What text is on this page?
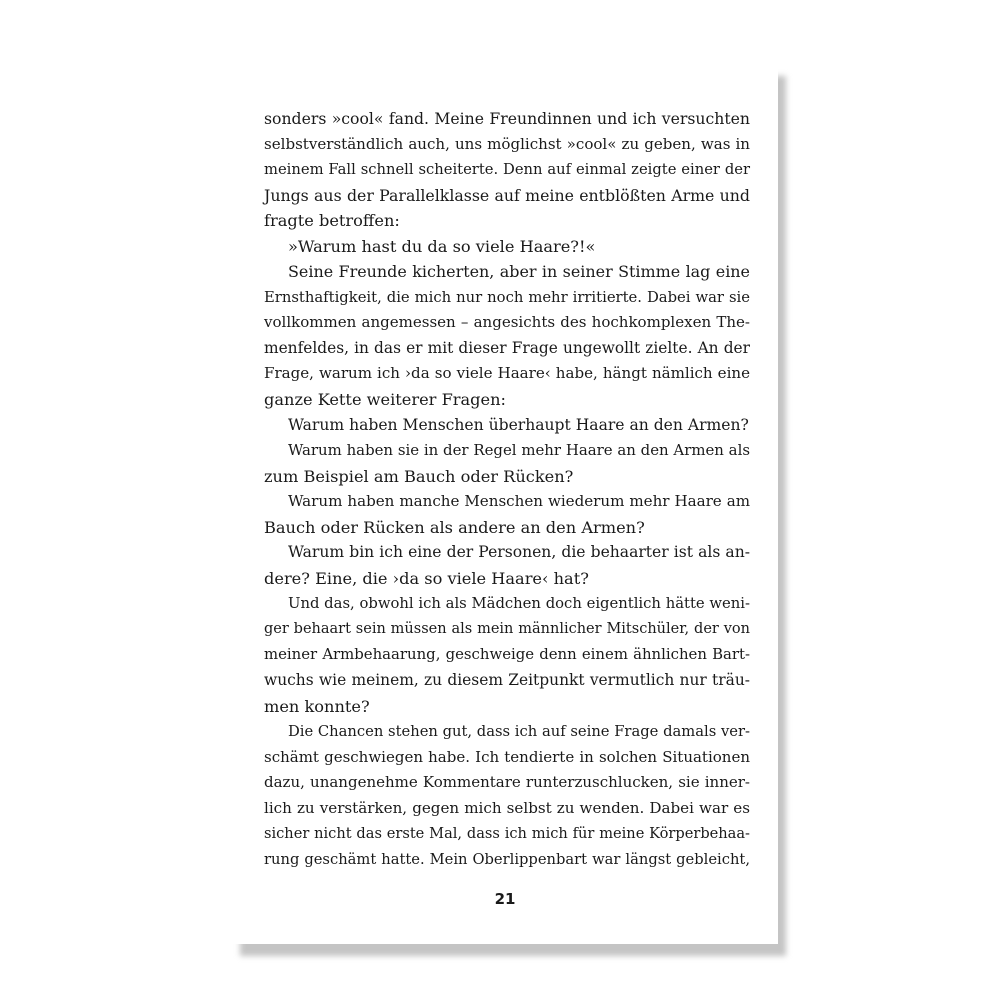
sonders »cool« fand. Meine Freundinnen und ich versuchten
selbstverständlich auch, uns möglichst »cool« zu geben, was in
meinem Fall schnell scheiterte. Denn auf einmal zeigte einer der
Jungs aus der Parallelklasse auf meine entblößten Arme und
fragte betroffen:
»Warum hast du da so viele Haare?!«
Seine Freunde kicherten, aber in seiner Stimme lag eine
Ernsthaftigkeit, die mich nur noch mehr irritierte. Dabei war sie
vollkommen angemessen – angesichts des hochkomplexen The-
menfeldes, in das er mit dieser Frage ungewollt zielte. An der
Frage, warum ich ›da so viele Haare‹ habe, hängt nämlich eine
ganze Kette weiterer Fragen:
Warum haben Menschen überhaupt Haare an den Armen?
Warum haben sie in der Regel mehr Haare an den Armen als
zum Beispiel am Bauch oder Rücken?
Warum haben manche Menschen wiederum mehr Haare am
Bauch oder Rücken als andere an den Armen?
Warum bin ich eine der Personen, die behaarter ist als an-
dere? Eine, die ›da so viele Haare‹ hat?
Und das, obwohl ich als Mädchen doch eigentlich hätte weni-
ger behaart sein müssen als mein männlicher Mitschüler, der von
meiner Armbehaarung, geschweige denn einem ähnlichen Bart-
wuchs wie meinem, zu diesem Zeitpunkt vermutlich nur träu-
men konnte?
Die Chancen stehen gut, dass ich auf seine Frage damals ver-
schämt geschwiegen habe. Ich tendierte in solchen Situationen
dazu, unangenehme Kommentare runterzuschlucken, sie inner-
lich zu verstärken, gegen mich selbst zu wenden. Dabei war es
sicher nicht das erste Mal, dass ich mich für meine Körperbehaa-
rung geschämt hatte. Mein Oberlippenbart war längst gebleicht,
21
